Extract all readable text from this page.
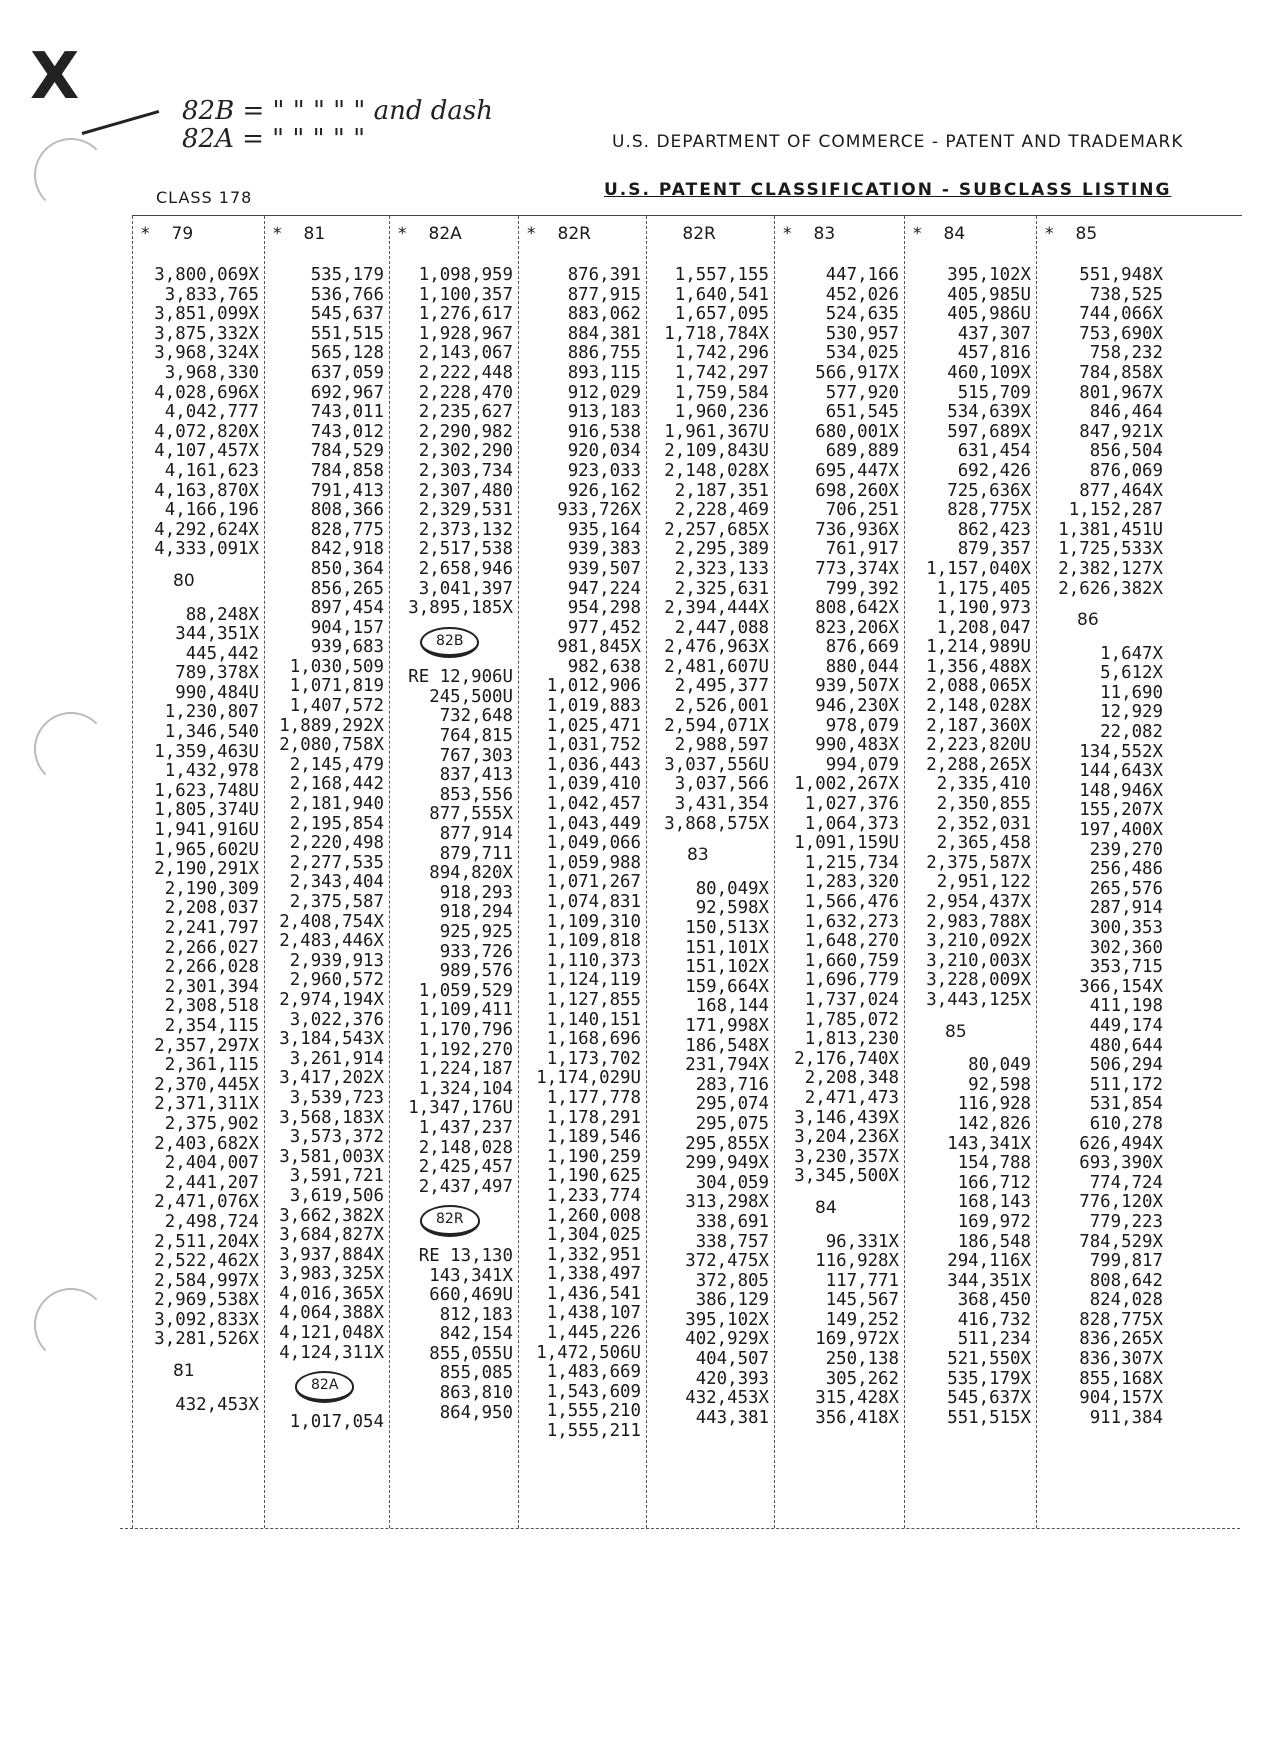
X	82B = " " " " " and dash
82A = " " " " "	U.S. DEPARTMENT OF COMMERCE - PATENT AND TRADEMARK
U.S. PATENT CLASSIFICATION - SUBCLASS LISTING
CLASS 178
* 79
3,800,069X
3,833,765
3,851,099X
3,875,332X
3,968,324X
3,968,330
4,028,696X
4,042,777
4,072,820X
4,107,457X
4,161,623
4,163,870X
4,166,196
4,292,624X
4,333,091X
80
88,248X
344,351X
445,442
789,378X
990,484U
1,230,807
1,346,540
1,359,463U
1,432,978
1,623,748U
1,805,374U
1,941,916U
1,965,602U
2,190,291X
2,190,309
2,208,037
2,241,797
2,266,027
2,266,028
2,301,394
2,308,518
2,354,115
2,357,297X
2,361,115
2,370,445X
2,371,311X
2,375,902
2,403,682X
2,404,007
2,441,207
2,471,076X
2,498,724
2,511,204X
2,522,462X
2,584,997X
2,969,538X
3,092,833X
3,281,526X
81
432,453X
* 81
535,179
536,766
545,637
551,515
565,128
637,059
692,967
743,011
743,012
784,529
784,858
791,413
808,366
828,775
842,918
850,364
856,265
897,454
904,157
939,683
1,030,509
1,071,819
1,407,572
1,889,292X
2,080,758X
2,145,479
2,168,442
2,181,940
2,195,854
2,220,498
2,277,535
2,343,404
2,375,587
2,408,754X
2,483,446X
2,939,913
2,960,572
2,974,194X
3,022,376
3,184,543X
3,261,914
3,417,202X
3,539,723
3,568,183X
3,573,372
3,581,003X
3,591,721
3,619,506
3,662,382X
3,684,827X
3,937,884X
3,983,325X
4,016,365X
4,064,388X
4,121,048X
4,124,311X
82A
1,017,054
* 82A
1,098,959
1,100,357
1,276,617
1,928,967
2,143,067
2,222,448
2,228,470
2,235,627
2,290,982
2,302,290
2,303,734
2,307,480
2,329,531
2,373,132
2,517,538
2,658,946
3,041,397
3,895,185X
82B
RE 12,906U
245,500U
732,648
764,815
767,303
837,413
853,556
877,555X
877,914
879,711
894,820X
918,293
918,294
925,925
933,726
989,576
1,059,529
1,109,411
1,170,796
1,192,270
1,224,187
1,324,104
1,347,176U
1,437,237
2,148,028
2,425,457
2,437,497
82R
RE 13,130
143,341X
660,469U
812,183
842,154
855,055U
855,085
863,810
864,950
* 82R
876,391
877,915
883,062
884,381
886,755
893,115
912,029
913,183
916,538
920,034
923,033
926,162
933,726X
935,164
939,383
939,507
947,224
954,298
977,452
981,845X
982,638
1,012,906
1,019,883
1,025,471
1,031,752
1,036,443
1,039,410
1,042,457
1,043,449
1,049,066
1,059,988
1,071,267
1,074,831
1,109,310
1,109,818
1,110,373
1,124,119
1,127,855
1,140,151
1,168,696
1,173,702
1,174,029U
1,177,778
1,178,291
1,189,546
1,190,259
1,190,625
1,233,774
1,260,008
1,304,025
1,332,951
1,338,497
1,436,541
1,438,107
1,445,226
1,472,506U
1,483,669
1,543,609
1,555,210
1,555,211
82R
1,557,155
1,640,541
1,657,095
1,718,784X
1,742,296
1,742,297
1,759,584
1,960,236
1,961,367U
2,109,843U
2,148,028X
2,187,351
2,228,469
2,257,685X
2,295,389
2,323,133
2,325,631
2,394,444X
2,447,088
2,476,963X
2,481,607U
2,495,377
2,526,001
2,594,071X
2,988,597
3,037,556U
3,037,566
3,431,354
3,868,575X
83
80,049X
92,598X
150,513X
151,101X
151,102X
159,664X
168,144
171,998X
186,548X
231,794X
283,716
295,074
295,075
295,855X
299,949X
304,059
313,298X
338,691
338,757
372,475X
372,805
386,129
395,102X
402,929X
404,507
420,393
432,453X
443,381
* 83
447,166
452,026
524,635
530,957
534,025
566,917X
577,920
651,545
680,001X
689,889
695,447X
698,260X
706,251
736,936X
761,917
773,374X
799,392
808,642X
823,206X
876,669
880,044
939,507X
946,230X
978,079
990,483X
994,079
1,002,267X
1,027,376
1,064,373
1,091,159U
1,215,734
1,283,320
1,566,476
1,632,273
1,648,270
1,660,759
1,696,779
1,737,024
1,785,072
1,813,230
2,176,740X
2,208,348
2,471,473
3,146,439X
3,204,236X
3,230,357X
3,345,500X
84
96,331X
116,928X
117,771
145,567
149,252
169,972X
250,138
305,262
315,428X
356,418X
* 84
395,102X
405,985U
405,986U
437,307
457,816
460,109X
515,709
534,639X
597,689X
631,454
692,426
725,636X
828,775X
862,423
879,357
1,157,040X
1,175,405
1,190,973
1,208,047
1,214,989U
1,356,488X
2,088,065X
2,148,028X
2,187,360X
2,223,820U
2,288,265X
2,335,410
2,350,855
2,352,031
2,365,458
2,375,587X
2,951,122
2,954,437X
2,983,788X
3,210,092X
3,210,003X
3,228,009X
3,443,125X
85
80,049
92,598
116,928
142,826
143,341X
154,788
166,712
168,143
169,972
186,548
294,116X
344,351X
368,450
416,732
511,234
521,550X
535,179X
545,637X
551,515X
* 85
551,948X
738,525
744,066X
753,690X
758,232
784,858X
801,967X
846,464
847,921X
856,504
876,069
877,464X
1,152,287
1,381,451U
1,725,533X
2,382,127X
2,626,382X
86
1,647X
5,612X
11,690
12,929
22,082
134,552X
144,643X
148,946X
155,207X
197,400X
239,270
256,486
265,576
287,914
300,353
302,360
353,715
366,154X
411,198
449,174
480,644
506,294
511,172
531,854
610,278
626,494X
693,390X
774,724
776,120X
779,223
784,529X
799,817
808,642
824,028
828,775X
836,265X
836,307X
855,168X
904,157X
911,384
